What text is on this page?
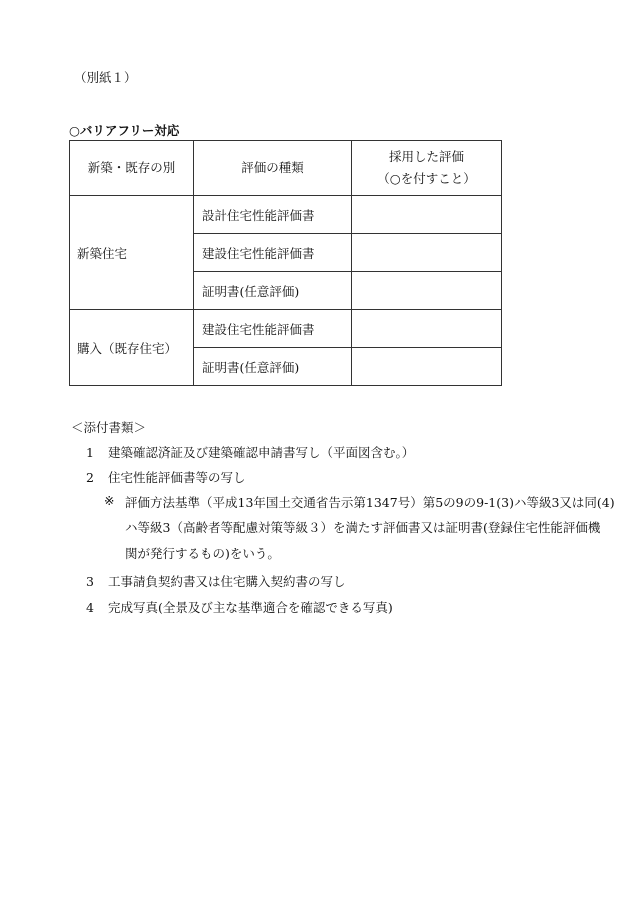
（別紙１）
○バリアフリー対応
新築・既存の別	評価の種類	採用した評価
（○を付すこと）

新築住宅	設計住宅性能評価書	
	建設住宅性能評価書	
	証明書(任意評価)	
購入（既存住宅）	建設住宅性能評価書	
	証明書(任意評価)	
＜添付書類＞
1 建築確認済証及び建築確認申請書写し（平面図含む。）
2 住宅性能評価書等の写し
※ 評価方法基準（平成13年国土交通省告示第1347号）第5の9の9-1(3)ハ等級3又は同(4)
ハ等級3（高齢者等配慮対策等級３）を満たす評価書又は証明書(登録住宅性能評価機
関が発行するもの)をいう。
3 工事請負契約書又は住宅購入契約書の写し
4 完成写真(全景及び主な基準適合を確認できる写真)
